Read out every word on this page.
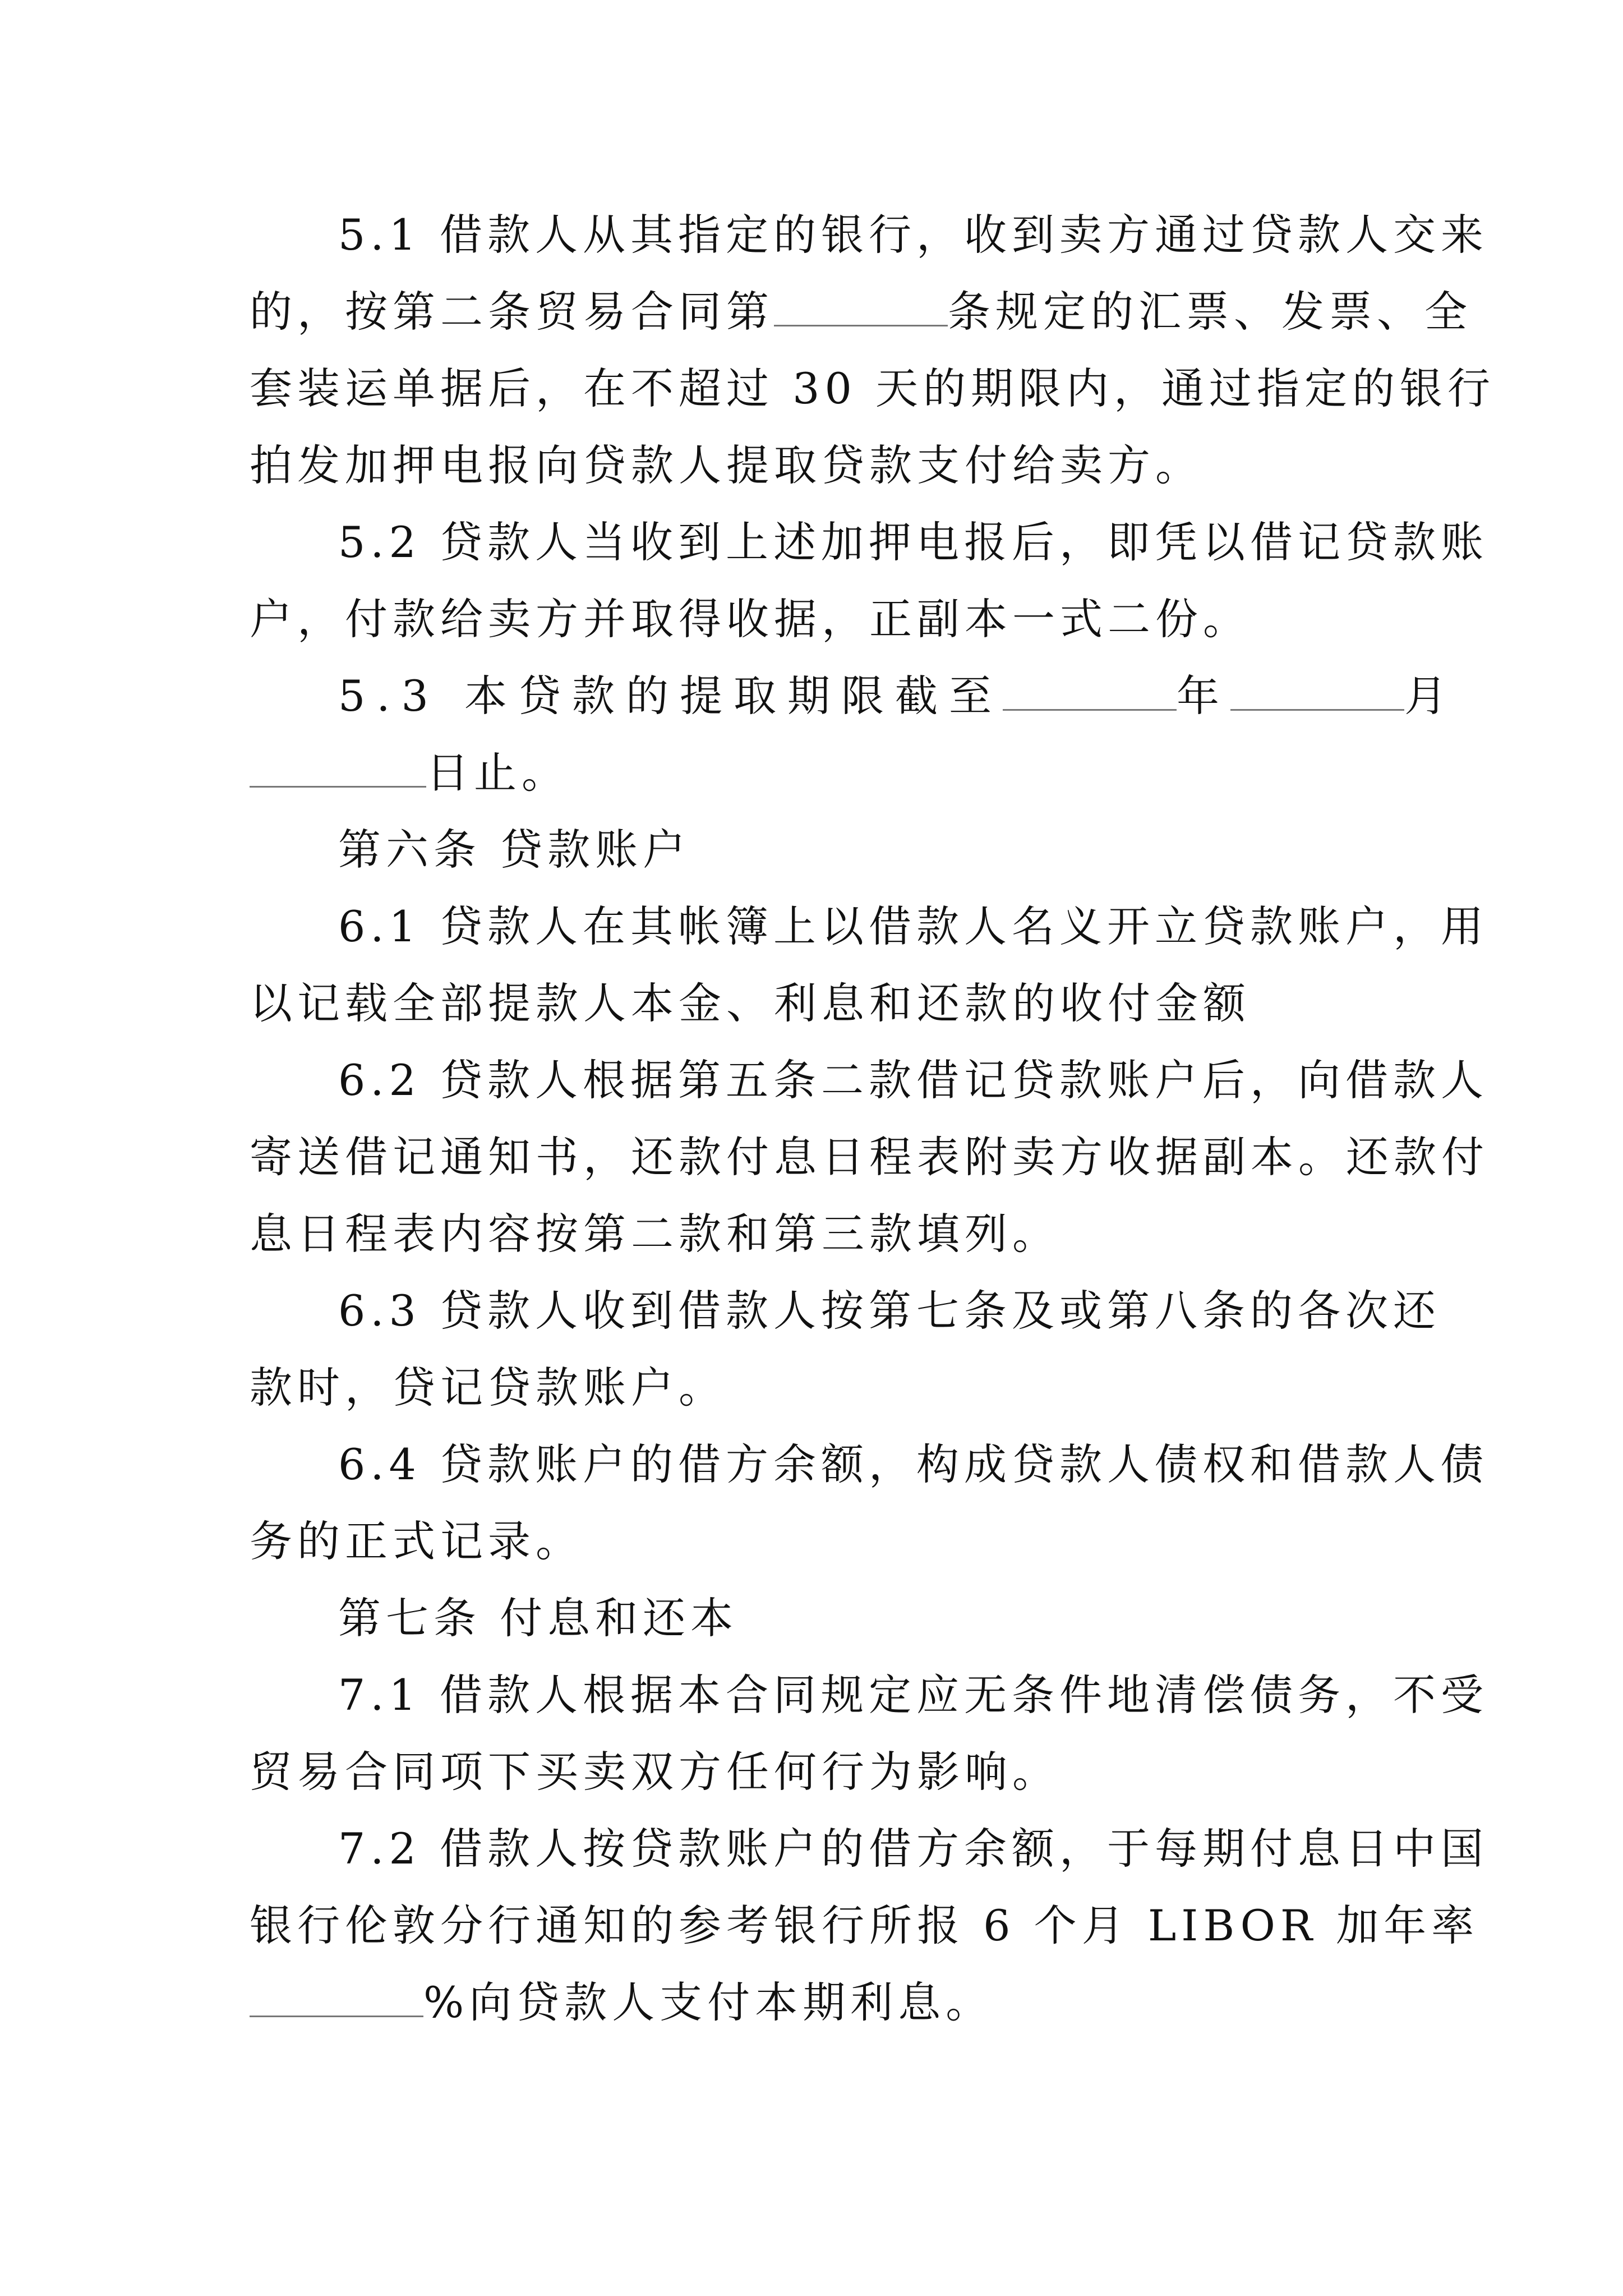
5.1 借款人从其指定的银行，收到卖方通过贷款人交来
的，按第二条贸易合同第	条规定的汇票、发票、全
套装运单据后，在不超过 30 天的期限内，通过指定的银行
拍发加押电报向贷款人提取贷款支付给卖方。
5.2 贷款人当收到上述加押电报后，即凭以借记贷款账
户，付款给卖方并取得收据，正副本一式二份。
5.3 本贷款的提取期限截至	年	月
日止。
第六条 贷款账户
6.1 贷款人在其帐簿上以借款人名义开立贷款账户，用
以记载全部提款人本金、利息和还款的收付金额
6.2 贷款人根据第五条二款借记贷款账户后，向借款人
寄送借记通知书，还款付息日程表附卖方收据副本。还款付
息日程表内容按第二款和第三款填列。
6.3 贷款人收到借款人按第七条及或第八条的各次还
款时，贷记贷款账户。
6.4 贷款账户的借方余额，构成贷款人债权和借款人债
务的正式记录。
第七条 付息和还本
7.1 借款人根据本合同规定应无条件地清偿债务，不受
贸易合同项下买卖双方任何行为影响。
7.2 借款人按贷款账户的借方余额，于每期付息日中国
银行伦敦分行通知的参考银行所报 6 个月 LIBOR 加年率
%向贷款人支付本期利息。
